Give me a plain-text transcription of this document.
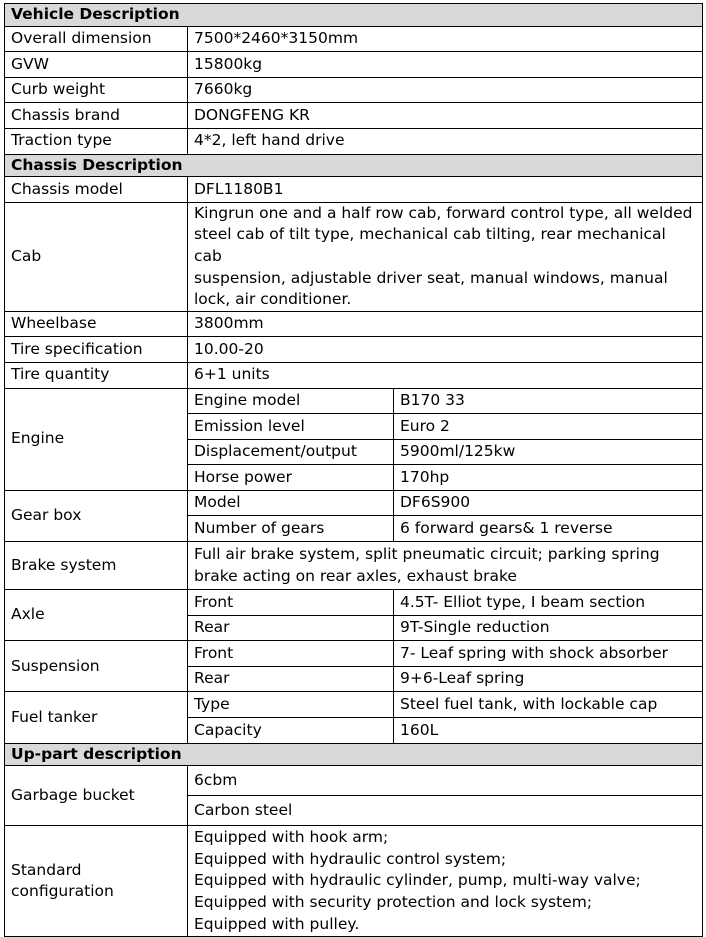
Vehicle Description		
Overall dimension	7500*2460*3150mm	
GVW	15800kg	
Curb weight	7660kg	
Chassis brand	DONGFENG KR	
Traction type	4*2, left hand drive	
Chassis Description		
Chassis model	DFL1180B1	
Cab	Kingrun one and a half row cab, forward control type, all welded
steel cab of tilt type, mechanical cab tilting, rear mechanical cab
suspension, adjustable driver seat, manual windows, manual
lock, air conditioner.	

Wheelbase	3800mm	
Tire specification	10.00-20	
Tire quantity	6+1 units	
Engine	Engine model	B170 33
	Emission level	Euro 2
	Displacement/output	5900ml/125kw
	Horse power	170hp
Gear box	Model	DF6S900
	Number of gears	6 forward gears& 1 reverse
Brake system	Full air brake system, split pneumatic circuit; parking spring
brake acting on rear axles, exhaust brake	

Axle	Front	4.5T- Elliot type, I beam section
	Rear	9T-Single reduction
Suspension	Front	7- Leaf spring with shock absorber
	Rear	9+6-Leaf spring
Fuel tanker	Type	Steel fuel tank, with lockable cap
	Capacity	160L
Up-part description		
Garbage bucket	6cbm	
	Carbon steel	

Standard
configuration	Equipped with hook arm;
Equipped with hydraulic control system;
Equipped with hydraulic cylinder, pump, multi-way valve;
Equipped with security protection and lock system;
Equipped with pulley.	
